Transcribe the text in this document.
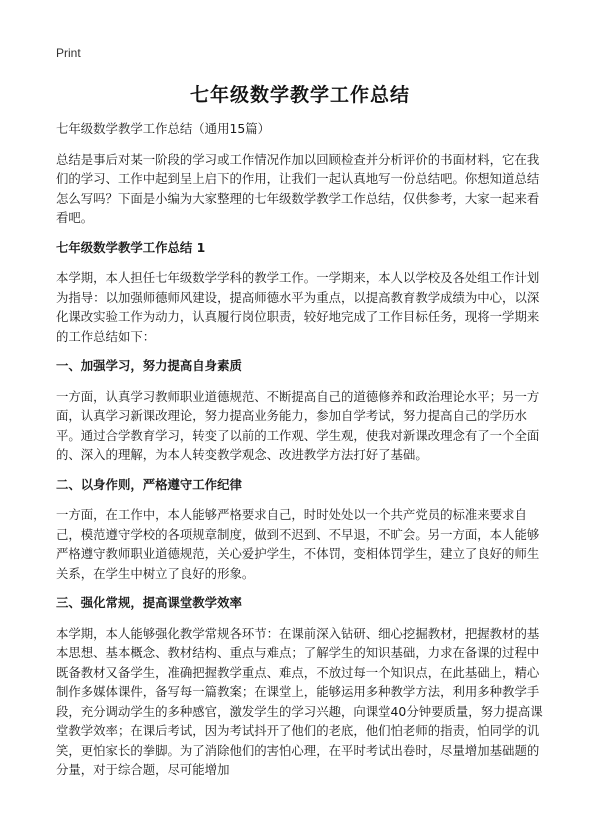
Print
七年级数学教学工作总结

七年级数学教学工作总结（通用15篇）

总结是事后对某一阶段的学习或工作情况作加以回顾检查并分析评价的书面材料，它在我们的学习、工作中起到呈上启下的作用，让我们一起认真地写一份总结吧。你想知道总结怎么写吗？下面是小编为大家整理的七年级数学教学工作总结，仅供参考，大家一起来看看吧。

七年级数学教学工作总结 1

本学期，本人担任七年级数学学科的教学工作。一学期来，本人以学校及各处组工作计划为指导：以加强师德师风建设，提高师德水平为重点，以提高教育教学成绩为中心，以深化课改实验工作为动力，认真履行岗位职责，较好地完成了工作目标任务，现将一学期来的工作总结如下：

一、加强学习，努力提高自身素质

一方面，认真学习教师职业道德规范、不断提高自己的道德修养和政治理论水平；另一方面，认真学习新课改理论，努力提高业务能力，参加自学考试，努力提高自己的学历水平。通过合学教育学习，转变了以前的工作观、学生观，使我对新课改理念有了一个全面的、深入的理解，为本人转变教学观念、改进教学方法打好了基础。

二、以身作则，严格遵守工作纪律

一方面，在工作中，本人能够严格要求自己，时时处处以一个共产党员的标准来要求自己，模范遵守学校的各项规章制度，做到不迟到、不早退，不旷会。另一方面，本人能够严格遵守教师职业道德规范，关心爱护学生，不体罚，变相体罚学生，建立了良好的师生关系，在学生中树立了良好的形象。

三、强化常规，提高课堂教学效率

本学期，本人能够强化教学常规各环节：在课前深入钻研、细心挖掘教材，把握教材的基本思想、基本概念、教材结构、重点与难点；了解学生的知识基础，力求在备课的过程中既备教材又备学生，准确把握教学重点、难点，不放过每一个知识点，在此基础上，精心制作多媒体课件，备写每一篇教案；在课堂上，能够运用多种教学方法，利用多种教学手段，充分调动学生的多种感官，激发学生的学习兴趣，向课堂40分钟要质量，努力提高课堂教学效率；在课后考试，因为考试抖开了他们的老底，他们怕老师的指责，怕同学的讥笑，更怕家长的拳脚。为了消除他们的害怕心理，在平时考试出卷时，尽量增加基础题的分量，对于综合题，尽可能增加
